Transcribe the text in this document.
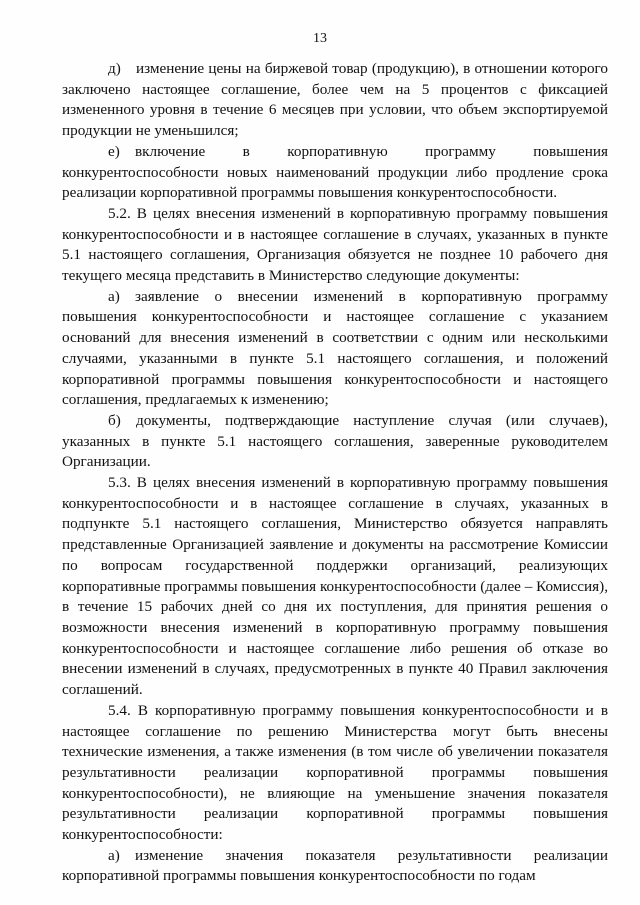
13

д) изменение цены на биржевой товар (продукцию), в отношении которого заключено настоящее соглашение, более чем на 5 процентов с фиксацией измененного уровня в течение 6 месяцев при условии, что объем экспортируемой продукции не уменьшился;

е) включение в корпоративную программу повышения конкурентоспособности новых наименований продукции либо продление срока реализации корпоративной программы повышения конкурентоспособности.

5.2. В целях внесения изменений в корпоративную программу повышения конкурентоспособности и в настоящее соглашение в случаях, указанных в пункте 5.1 настоящего соглашения, Организация обязуется не позднее 10 рабочего дня текущего месяца представить в Министерство следующие документы:

а) заявление о внесении изменений в корпоративную программу повышения конкурентоспособности и настоящее соглашение с указанием оснований для внесения изменений в соответствии с одним или несколькими случаями, указанными в пункте 5.1 настоящего соглашения, и положений корпоративной программы повышения конкурентоспособности и настоящего соглашения, предлагаемых к изменению;

б) документы, подтверждающие наступление случая (или случаев), указанных в пункте 5.1 настоящего соглашения, заверенные руководителем Организации.

5.3. В целях внесения изменений в корпоративную программу повышения конкурентоспособности и в настоящее соглашение в случаях, указанных в подпункте 5.1 настоящего соглашения, Министерство обязуется направлять представленные Организацией заявление и документы на рассмотрение Комиссии по вопросам государственной поддержки организаций, реализующих корпоративные программы повышения конкурентоспособности (далее – Комиссия), в течение 15 рабочих дней со дня их поступления, для принятия решения о возможности внесения изменений в корпоративную программу повышения конкурентоспособности и настоящее соглашение либо решения об отказе во внесении изменений в случаях, предусмотренных в пункте 40 Правил заключения соглашений.

5.4. В корпоративную программу повышения конкурентоспособности и в настоящее соглашение по решению Министерства могут быть внесены технические изменения, а также изменения (в том числе об увеличении показателя результативности реализации корпоративной программы повышения конкурентоспособности), не влияющие на уменьшение значения показателя результативности реализации корпоративной программы повышения конкурентоспособности:

а) изменение значения показателя результативности реализации корпоративной программы повышения конкурентоспособности по годам
